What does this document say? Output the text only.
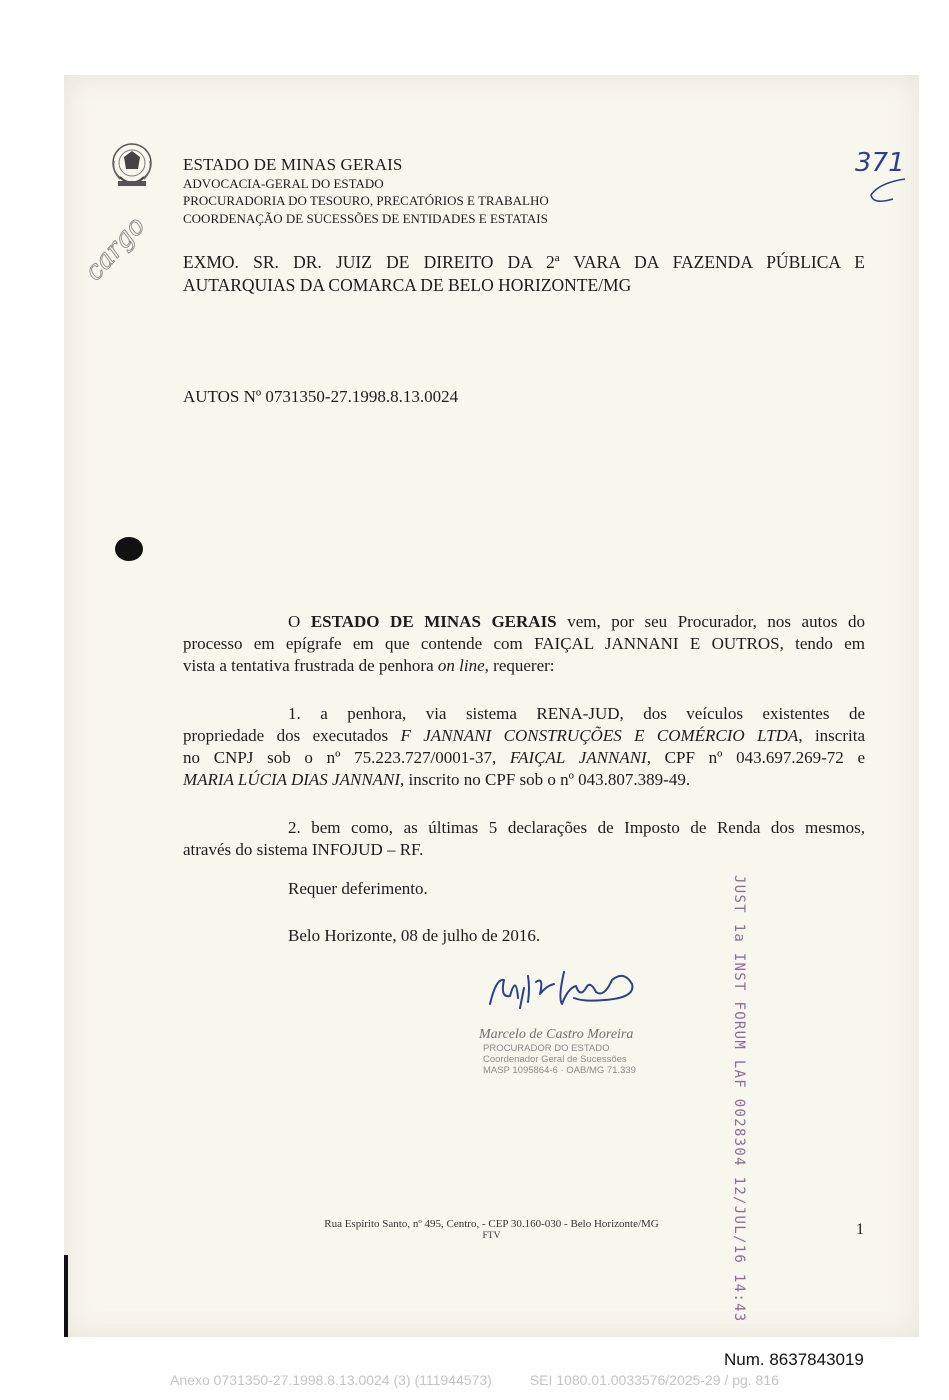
ESTADO DE MINAS GERAIS
ADVOCACIA-GERAL DO ESTADO
PROCURADORIA DO TESOURO, PRECATÓRIOS E TRABALHO
COORDENAÇÃO DE SUCESSÕES DE ENTIDADES E ESTATAIS
371
cargo EXMO. SR. DR. JUIZ DE DIREITO DA 2ª VARA DA FAZENDA PÚBLICA E
AUTARQUIAS DA COMARCA DE BELO HORIZONTE/MG
AUTOS Nº 0731350-27.1998.8.13.0024
O ESTADO DE MINAS GERAIS vem, por seu Procurador, nos autos do
processo em epígrafe em que contende com FAIÇAL JANNANI E OUTROS, tendo em
vista a tentativa frustrada de penhora on line, requerer:
1. a penhora, via sistema RENA-JUD, dos veículos existentes de
propriedade dos executados F JANNANI CONSTRUÇÕES E COMÉRCIO LTDA, inscrita
no CNPJ sob o nº 75.223.727/0001-37, FAIÇAL JANNANI, CPF nº 043.697.269-72 e
MARIA LÚCIA DIAS JANNANI, inscrito no CPF sob o nº 043.807.389-49.
2. bem como, as últimas 5 declarações de Imposto de Renda dos mesmos,
através do sistema INFOJUD – RF.
Requer deferimento.
Belo Horizonte, 08 de julho de 2016.
Marcelo de Castro Moreira
PROCURADOR DO ESTADO
Coordenador Geral de Sucessões
MASP 1095864-6 · OAB/MG 71.339
Rua Espírito Santo, nº 495, Centro, - CEP 30.160-030 - Belo Horizonte/MG
FTV	1
JUST 1a INST FORUM LAF 0028304 12/JUL/16 14:43
Num. 8637843019
Anexo 0731350-27.1998.8.13.0024 (3) (111944573)	SEI 1080.01.0033576/2025-29 / pg. 816
